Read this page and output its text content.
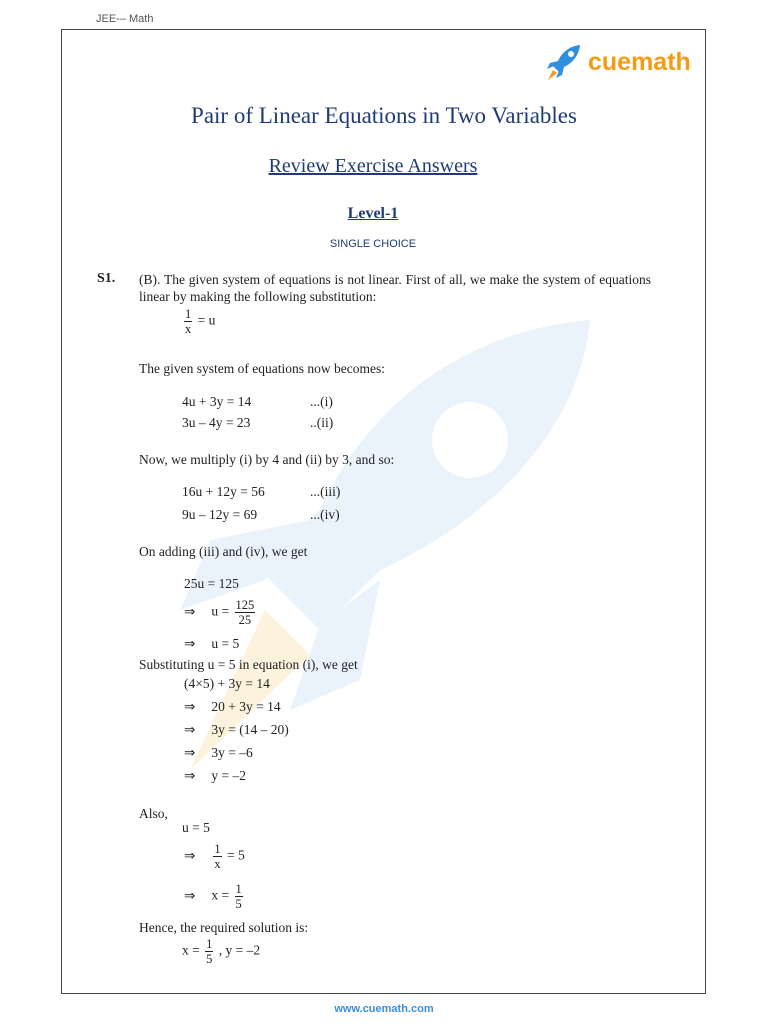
JEE-– Math
cuemath
Pair of Linear Equations in Two Variables
Review Exercise Answers
Level-1
SINGLE CHOICE
S1. (B). The given system of equations is not linear. First of all, we make the system of equations linear by making the following substitution:
$\frac{1}{x} = u$
The given system of equations now becomes:
4u + 3y = 14	...(i)
3u – 4y = 23	..(ii)
Now, we multiply (i) by 4 and (ii) by 3, and so:
16u + 12y = 56	...(iii)
9u – 12y = 69	...(iv)
On adding (iii) and (iv), we get
25u = 125
⇒ $u = \frac{125}{25}$
⇒ u = 5
Substituting u = 5 in equation (i), we get
(4×5) + 3y = 14
⇒ 20 + 3y = 14
⇒ 3y = (14 – 20)
⇒ 3y = –6
⇒ y = –2
Also,
u = 5
⇒ $\frac{1}{x} = 5$
⇒ $x = \frac{1}{5}$
Hence, the required solution is:
$x = \frac{1}{5}$ , y = –2
www.cuemath.com
